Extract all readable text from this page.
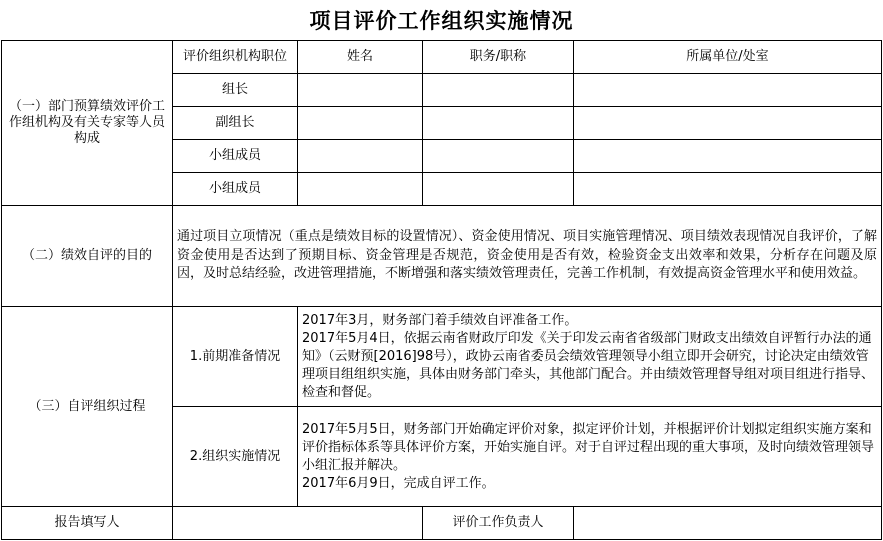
项目评价工作组织实施情况
（一）部门预算绩效评价工作组机构及有关专家等人员构成	评价组织机构职位	姓名	职务/职称	所属单位/处室
	组长			
	副组长			
	小组成员			
	小组成员			
（二）绩效自评的目的	通过项目立项情况（重点是绩效目标的设置情况）、资金使用情况、项目实施管理情况、项目绩效表现情况自我评价，了解资金使用是否达到了预期目标、资金管理是否规范，资金使用是否有效，检验资金支出效率和效果，分析存在问题及原因，及时总结经验，改进管理措施，不断增强和落实绩效管理责任，完善工作机制，有效提高资金管理水平和使用效益。			
（三）自评组织过程	1.前期准备情况	2017年3月，财务部门着手绩效自评准备工作。
2017年5月4日，依据云南省财政厅印发《关于印发云南省省级部门财政支出绩效自评暂行办法的通知》（云财预[2016]98号），政协云南省委员会绩效管理领导小组立即开会研究，讨论决定由绩效管理项目组组织实施，具体由财务部门牵头，其他部门配合。并由绩效管理督导组对项目组进行指导、检查和督促。		

	2.组织实施情况	2017年5月5日，财务部门开始确定评价对象，拟定评价计划，并根据评价计划拟定组织实施方案和评价指标体系等具体评价方案，开始实施自评。对于自评过程出现的重大事项，及时向绩效管理领导小组汇报并解决。
2017年6月9日，完成自评工作。		

报告填写人			评价工作负责人	
